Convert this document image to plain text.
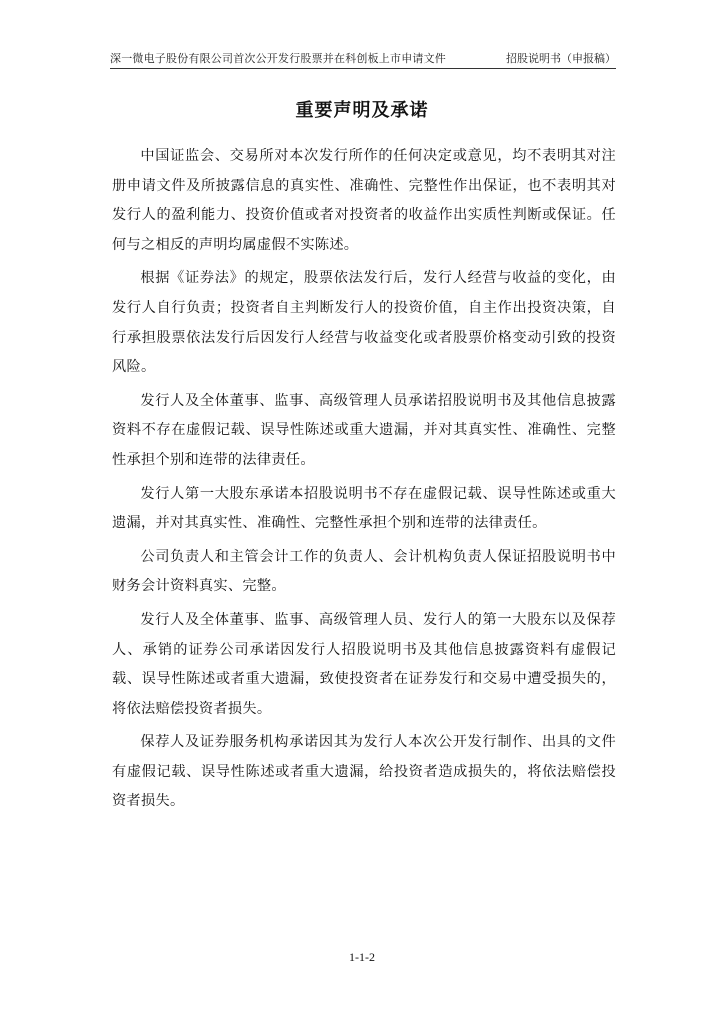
深一微电子股份有限公司首次公开发行股票并在科创板上市申请文件	招股说明书（申报稿）
重要声明及承诺

中国证监会、交易所对本次发行所作的任何决定或意见，均不表明其对注册申请文件及所披露信息的真实性、准确性、完整性作出保证，也不表明其对发行人的盈利能力、投资价值或者对投资者的收益作出实质性判断或保证。任何与之相反的声明均属虚假不实陈述。

根据《证券法》的规定，股票依法发行后，发行人经营与收益的变化，由发行人自行负责；投资者自主判断发行人的投资价值，自主作出投资决策，自行承担股票依法发行后因发行人经营与收益变化或者股票价格变动引致的投资风险。

发行人及全体董事、监事、高级管理人员承诺招股说明书及其他信息披露资料不存在虚假记载、误导性陈述或重大遗漏，并对其真实性、准确性、完整性承担个别和连带的法律责任。

发行人第一大股东承诺本招股说明书不存在虚假记载、误导性陈述或重大遗漏，并对其真实性、准确性、完整性承担个别和连带的法律责任。

公司负责人和主管会计工作的负责人、会计机构负责人保证招股说明书中财务会计资料真实、完整。

发行人及全体董事、监事、高级管理人员、发行人的第一大股东以及保荐人、承销的证券公司承诺因发行人招股说明书及其他信息披露资料有虚假记载、误导性陈述或者重大遗漏，致使投资者在证券发行和交易中遭受损失的，将依法赔偿投资者损失。

保荐人及证券服务机构承诺因其为发行人本次公开发行制作、出具的文件有虚假记载、误导性陈述或者重大遗漏，给投资者造成损失的，将依法赔偿投资者损失。

1-1-2
